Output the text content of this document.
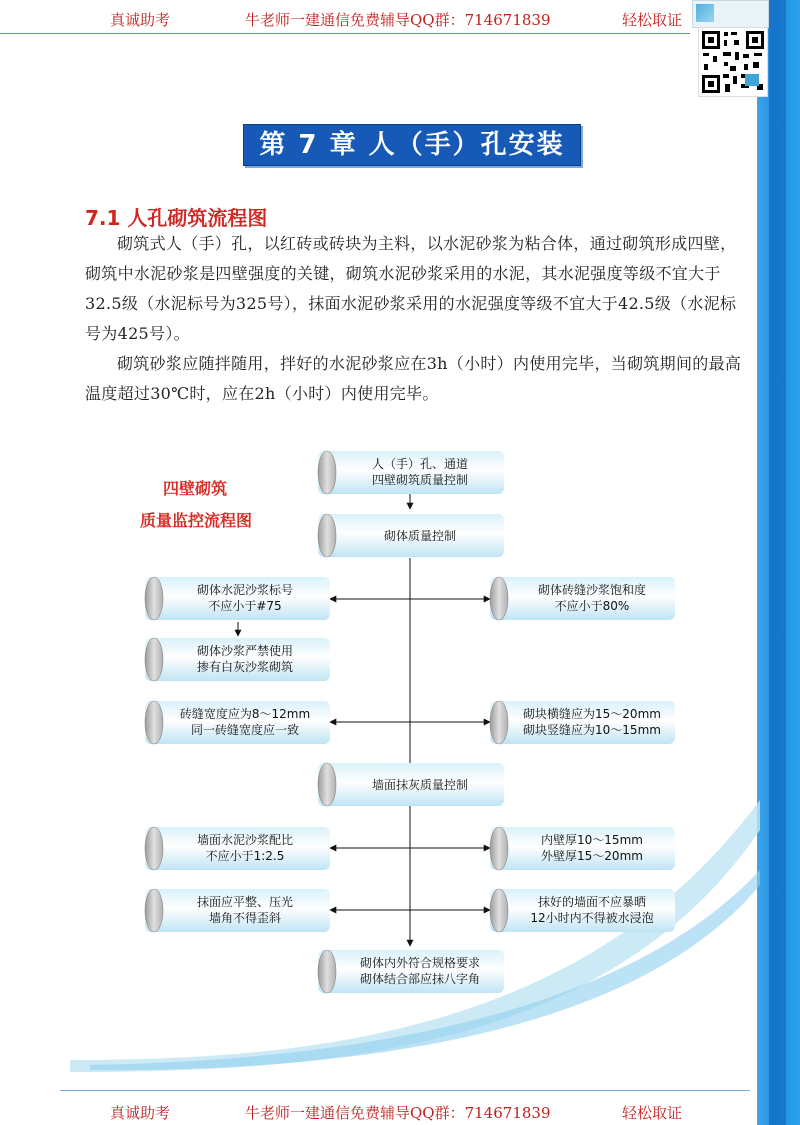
真诚助考	牛老师一建通信免费辅导QQ群：714671839	轻松取证
第 7 章 人（手）孔安装
7.1 人孔砌筑流程图

砌筑式人（手）孔，以红砖或砖块为主料，以水泥砂浆为粘合体，通过砌筑形成四壁，砌筑中水泥砂浆是四壁强度的关键，砌筑水泥砂浆采用的水泥，其水泥强度等级不宜大于32.5级（水泥标号为325号），抹面水泥砂浆采用的水泥强度等级不宜大于42.5级（水泥标号为425号）。

砌筑砂浆应随拌随用，拌好的水泥砂浆应在3h（小时）内使用完毕，当砌筑期间的最高温度超过30℃时，应在2h（小时）内使用完毕。

四壁砌筑
质量监控流程图
人（手）孔、通道
四壁砌筑质量控制
砌体质量控制
墙面抹灰质量控制
砌体内外符合规格要求
砌体结合部应抹八字角
砌体水泥沙浆标号
不应小于#75
砌体沙浆严禁使用
掺有白灰沙浆砌筑
砖缝宽度应为8～12mm
同一砖缝宽度应一致
墙面水泥沙浆配比
不应小于1:2.5
抹面应平整、压光
墙角不得歪斜
砌体砖缝沙浆饱和度
不应小于80%
砌块横缝应为15～20mm
砌块竖缝应为10～15mm
内壁厚10～15mm
外壁厚15～20mm
抹好的墙面不应暴晒
12小时内不得被水浸泡
真诚助考	牛老师一建通信免费辅导QQ群：714671839	轻松取证
